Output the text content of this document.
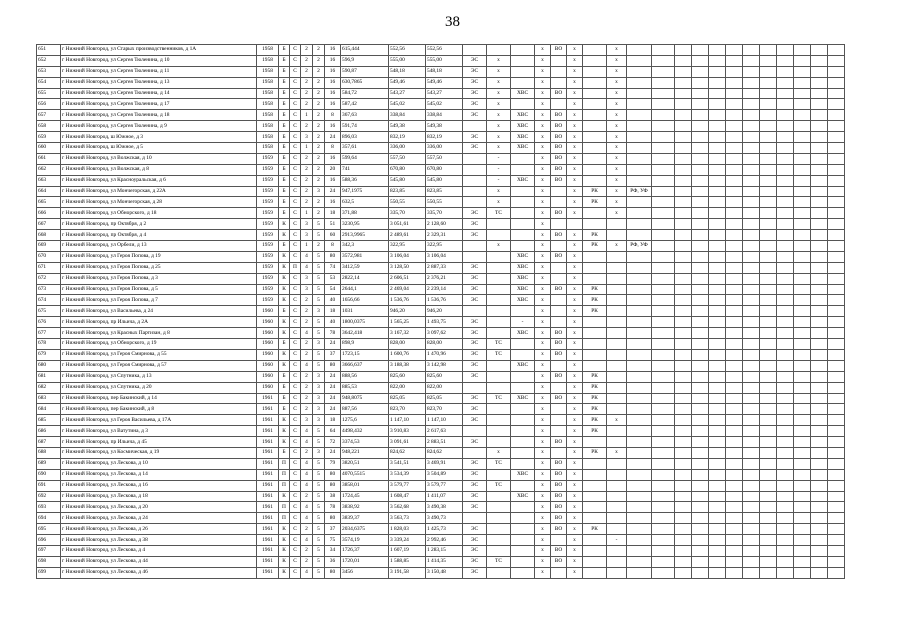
38
651	г Нижний Новгород, ул Старых производственников, д 1А	1958	Б	С	2	2	16	615,444	552,56	552,56				х	ВО	х		х												
652	г Нижний Новгород, ул Сергея Тюленина, д 10	1958	Б	С	2	2	16	596,9	555,00	555,00	ЭС	х		х		х		х												
653	г Нижний Новгород, ул Сергея Тюленина, д 11	1958	Б	С	2	2	16	590,87	548,18	548,18	ЭС	х		х		х		х												
654	г Нижний Новгород, ул Сергея Тюленина, д 13	1958	Б	С	2	2	16	630,7865	549,46	549,46	ЭС	х		х		х		х												
655	г Нижний Новгород, ул Сергея Тюленина, д 14	1958	Б	С	2	2	16	584,72	543,27	543,27	ЭС	х	ХВС	х	ВО	х		х												
656	г Нижний Новгород, ул Сергея Тюленина, д 17	1958	Б	С	2	2	16	587,42	545,02	545,02	ЭС	х		х		х		х												
657	г Нижний Новгород, ул Сергея Тюленина, д 18	1958	Б	С	1	2	8	367,63	338,84	338,84	ЭС	х	ХВС	х	ВО	х		х												
658	г Нижний Новгород, ул Сергея Тюленина, д 9	1958	Б	С	2	2	16	591,74	549,38	549,38		х	ХВС	х	ВО	х		х												
659	г Нижний Новгород, ш Южное, д 3	1958	Б	С	3	2	24	896,03	832,19	832,19	ЭС	х	ХВС	х	ВО	х		х												
660	г Нижний Новгород, ш Южное, д 5	1958	Б	С	1	2	8	357,61	336,00	336,00	ЭС	х	ХВС	х	ВО	х		х												
661	г Нижний Новгород, ул Волжская, д 10	1959	Б	С	2	2	16	599,64	557,50	557,50		-		х	ВО	х		х												
662	г Нижний Новгород, ул Волжская, д 8	1959	Б	С	2	2	20	741	670,80	670,80		-		х	ВО	х		х												
663	г Нижний Новгород, ул Красноуральская, д 6	1959	Б	С	2	2	16	588,36	545,80	545,80		-	ХВС	х	ВО	х		х												
664	г Нижний Новгород, ул Мончегорская, д 22А	1959	Б	С	2	3	24	947,1975	823,85	823,85		х		х		х	РК	х	РФ, УФ											
665	г Нижний Новгород, ул Мончегорская, д 28	1959	Б	С	2	2	16	632,5	550,55	550,55		х		х		х	РК	х												
666	г Нижний Новгород, ул Обнорского, д 18	1959	Б	С	1	2	18	371,88	335,70	335,70	ЭС	ТС		х	ВО	х		х												
667	г Нижний Новгород, пр Октября, д 2	1959	К	С	3	5	51	3230,95	3 051,61	2 128,60	ЭС			х																
668	г Нижний Новгород, пр Октября, д 4	1959	К	С	3	5	60	2913,9965	2 489,61	2 329,31	ЭС			х	ВО	х	РК													
669	г Нижний Новгород, ул Орбели, д 13	1959	Б	С	1	2	8	342,3	322,95	322,95		х		х		х	РК	х	РФ, УФ											
670	г Нижний Новгород, ул Героя Попова, д 19	1959	К	С	4	5	80	3572,981	3 106,04	3 106,04			ХВС	х	ВО	х														
671	г Нижний Новгород, ул Героя Попова, д 25	1959	К	П	4	5	74	3412,59	3 128,50	2 887,33	ЭС		ХВС	х		х														
672	г Нижний Новгород, ул Героя Попова, д 3	1959	К	С	3	5	53	2822,14	2 606,51	2 376,21	ЭС		ХВС	х		х														
673	г Нижний Новгород, ул Героя Попова, д 5	1959	К	С	3	5	54	2644,1	2 469,04	2 239,14	ЭС		ХВС	х	ВО	х	РК													
674	г Нижний Новгород, ул Героя Попова, д 7	1959	К	С	2	5	40	1656,66	1 536,76	1 536,76	ЭС		ХВС	х		х	РК													
675	г Нижний Новгород, ул Васильева, д 24	1960	Б	С	2	3	18	1031	946,20	946,20				х		х	РК													
676	г Нижний Новгород, пр Ильича, д 2А	1960	К	С	2	5	40	1800,0375	1 565,25	1 493,75	ЭС		-	х		х														
677	г Нижний Новгород, ул Красных Партизан, д 8	1960	К	С	4	5	78	3642,418	3 167,32	3 097,62	ЭС		ХВС	х	ВО	х														
678	г Нижний Новгород, ул Обнорского, д 19	1960	Б	С	2	3	24	898,9	828,00	828,00	ЭС	ТС		х	ВО	х														
679	г Нижний Новгород, ул Героя Смирнова, д 55	1960	К	С	2	5	37	1723,15	1 600,76	1 470,96	ЭС	ТС		х	ВО	х														
680	г Нижний Новгород, ул Героя Смирнова, д 57	1960	К	С	4	5	80	3666,637	3 188,38	3 142,98	ЭС		ХВС	х		х														
681	г Нижний Новгород, ул Спутника, д 13	1960	Б	С	2	3	24	888,56	825,60	825,60	ЭС			х	ВО	х	РК													
682	г Нижний Новгород, ул Спутника, д 20	1960	Б	С	2	3	24	885,53	822,00	822,00				х		х	РК													
683	г Нижний Новгород, пер Бакинский, д 14	1961	Б	С	2	3	24	948,8075	825,05	825,05	ЭС	ТС	ХВС	х	ВО	х	РК													
684	г Нижний Новгород, пер Бакинский, д 8	1961	Б	С	2	3	24	887,56	823,70	823,70	ЭС			х		х	РК													
685	г Нижний Новгород, ул Героя Васильева, д 17А	1961	К	С	3	3	18	1275,6	1 147,10	1 147,10	ЭС			х		х	РК	х												
686	г Нижний Новгород, ул Ватутина, д 3	1961	К	С	4	5	64	4498,432	3 910,83	2 617,63				х		х	РК													
687	г Нижний Новгород, пр Ильича, д 45	1961	К	С	4	5	72	3374,53	3 091,61	2 883,51	ЭС			х	ВО	х														
688	г Нижний Новгород, ул Космическая, д 19	1961	Б	С	2	3	24	948,221	824,62	824,62		х		х		х	РК	х												
689	г Нижний Новгород, ул Лескова, д 10	1961	П	С	4	5	79	3820,51	3 541,51	3 469,91	ЭС	ТС		х	ВО	х														
690	г Нижний Новгород, ул Лескова, д 14	1961	П	С	4	5	80	4070,5515	3 534,39	3 504,89	ЭС		ХВС	х	ВО	х														
691	г Нижний Новгород, ул Лескова, д 16	1961	П	С	4	5	80	3858,01	3 579,77	3 579,77	ЭС	ТС		х	ВО	х														
692	г Нижний Новгород, ул Лескова, д 18	1961	К	С	2	5	38	1724,45	1 608,47	1 411,07	ЭС		ХВС	х	ВО	х														
693	г Нижний Новгород, ул Лескова, д 20	1961	П	С	4	5	78	3838,92	3 562,68	3 490,38	ЭС			х	ВО	х														
694	г Нижний Новгород, ул Лескова, д 24	1961	П	С	4	5	80	3839,37	3 563,73	3 490,73				х	ВО	х														
695	г Нижний Новгород, ул Лескова, д 26	1961	К	С	2	5	37	2034,6375	1 828,03	1 425,73	ЭС			х	ВО	х	РК													
696	г Нижний Новгород, ул Лескова, д 38	1961	К	С	4	5	75	3574,19	3 339,24	2 992,46	ЭС			х		х		-												
697	г Нижний Новгород, ул Лескова, д 4	1961	К	С	2	5	34	1726,37	1 607,19	1 283,15	ЭС			х	ВО	х														
698	г Нижний Новгород, ул Лескова, д 44	1961	К	С	2	5	36	1720,01	1 588,85	1 414,35	ЭС	ТС		х	ВО	х														
699	г Нижний Новгород, ул Лескова, д 46	1961	К	С	4	5	80	3456	3 191,58	3 150,48	ЭС			х		х														
